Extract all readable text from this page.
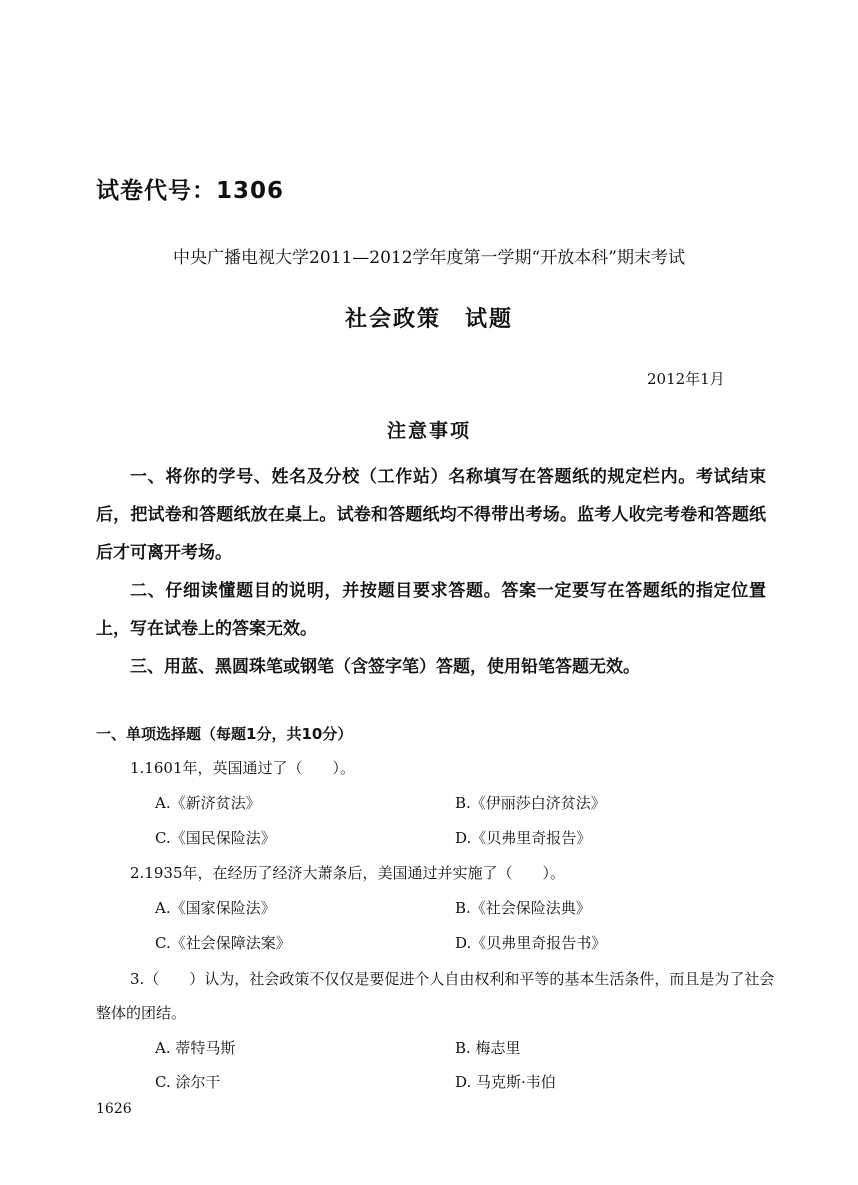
试卷代号：1306
中央广播电视大学2011—2012学年度第一学期“开放本科”期末考试
社会政策　试题
2012年1月
注意事项

一、将你的学号、姓名及分校（工作站）名称填写在答题纸的规定栏内。考试结束后，把试卷和答题纸放在桌上。试卷和答题纸均不得带出考场。监考人收完考卷和答题纸后才可离开考场。

二、仔细读懂题目的说明，并按题目要求答题。答案一定要写在答题纸的指定位置上，写在试卷上的答案无效。

三、用蓝、黑圆珠笔或钢笔（含签字笔）答题，使用铅笔答题无效。

一、单项选择题（每题1分，共10分）
1.1601年，英国通过了（　　）。
A.《新济贫法》	B.《伊丽莎白济贫法》
C.《国民保险法》	D.《贝弗里奇报告》
2.1935年，在经历了经济大萧条后，美国通过并实施了（　　）。
A.《国家保险法》	B.《社会保险法典》
C.《社会保障法案》	D.《贝弗里奇报告书》

3.（　　）认为，社会政策不仅仅是要促进个人自由权利和平等的基本生活条件，而且是为了社会整体的团结。

A. 蒂特马斯	B. 梅志里
C. 涂尔干	D. 马克斯·韦伯
1626
